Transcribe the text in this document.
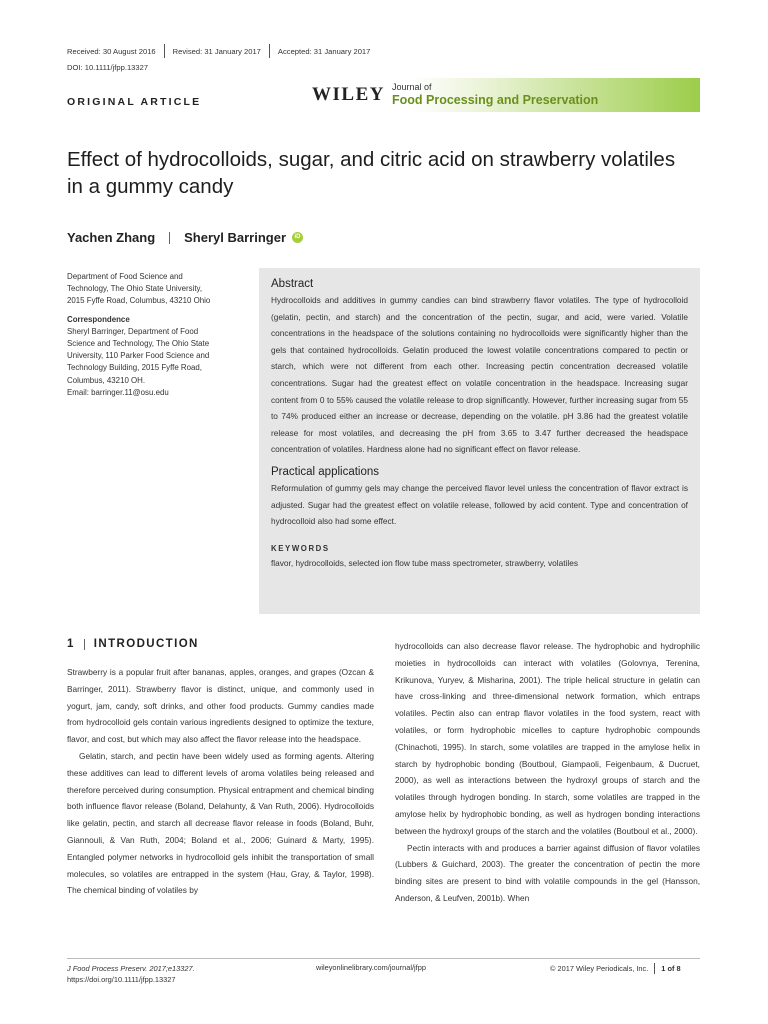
Received: 30 August 2016 Revised: 31 January 2017 Accepted: 31 January 2017
DOI: 10.1111/jfpp.13327
ORIGINAL ARTICLE	WILEY Journal of
Food Processing and Preservation
Effect of hydrocolloids, sugar, and citric acid on strawberry volatiles in a gummy candy
Yachen Zhang Sheryl Barringer	iD
Department of Food Science and
Technology, The Ohio State University,
2015 Fyffe Road, Columbus, 43210 Ohio
Correspondence
Sheryl Barringer, Department of Food
Science and Technology, The Ohio State
University, 110 Parker Food Science and
Technology Building, 2015 Fyffe Road,
Columbus, 43210 OH.
Email: barringer.11@osu.edu
Abstract

Hydrocolloids and additives in gummy candies can bind strawberry flavor volatiles. The type of hydrocolloid (gelatin, pectin, and starch) and the concentration of the pectin, sugar, and acid, were varied. Volatile concentrations in the headspace of the solutions containing no hydrocolloids were significantly higher than the gels that contained hydrocolloids. Gelatin produced the lowest volatile concentrations compared to pectin or starch, which were not different from each other. Increasing pectin concentration decreased volatile concentrations. Sugar had the greatest effect on volatile concentration in the headspace. Increasing sugar content from 0 to 55% caused the volatile release to drop significantly. However, further increasing sugar from 55 to 74% produced either an increase or decrease, depending on the volatile. pH 3.86 had the greatest volatile release for most volatiles, and decreasing the pH from 3.65 to 3.47 further decreased the headspace concentration of volatiles. Hardness alone had no significant effect on flavor release.

Practical applications

Reformulation of gummy gels may change the perceived flavor level unless the concentration of flavor extract is adjusted. Sugar had the greatest effect on volatile release, followed by acid content. Type and concentration of hydrocolloid also had some effect.

KEYWORDS
flavor, hydrocolloids, selected ion flow tube mass spectrometer, strawberry, volatiles
1 INTRODUCTION

Strawberry is a popular fruit after bananas, apples, oranges, and grapes (Ozcan & Barringer, 2011). Strawberry flavor is distinct, unique, and commonly used in yogurt, jam, candy, soft drinks, and other food products. Gummy candies made from hydrocolloid gels contain various ingredients designed to optimize the texture, flavor, and cost, but which may also affect the flavor release into the headspace.

Gelatin, starch, and pectin have been widely used as forming agents. Altering these additives can lead to different levels of aroma volatiles being released and therefore perceived during consumption. Physical entrapment and chemical binding both influence flavor release (Boland, Delahunty, & Van Ruth, 2006). Hydrocolloids like gelatin, pectin, and starch all decrease flavor release in foods (Boland, Buhr, Giannouli, & Van Ruth, 2004; Boland et al., 2006; Guinard & Marty, 1995). Entangled polymer networks in hydrocolloid gels inhibit the transportation of small molecules, so volatiles are entrapped in the system (Hau, Gray, & Taylor, 1998). The chemical binding of volatiles by

hydrocolloids can also decrease flavor release. The hydrophobic and hydrophilic moieties in hydrocolloids can interact with volatiles (Golovnya, Terenina, Krikunova, Yuryev, & Misharina, 2001). The triple helical structure in gelatin can have cross-linking and three-dimensional network formation, which entraps volatiles. Pectin also can entrap flavor volatiles in the food system, react with volatiles, or form hydrophobic micelles to capture hydrophobic compounds (Chinachoti, 1995). In starch, some volatiles are trapped in the amylose helix in starch by hydrophobic bonding (Boutboul, Giampaoli, Feigenbaum, & Ducruet, 2000), as well as interactions between the hydroxyl groups of starch and the volatiles through hydrogen bonding. In starch, some volatiles are trapped in the amylose helix by hydrophobic bonding, as well as hydrogen bonding interactions between the hydroxyl groups of the starch and the volatiles (Boutboul et al., 2000).

Pectin interacts with and produces a barrier against diffusion of flavor volatiles (Lubbers & Guichard, 2003). The greater the concentration of pectin the more binding sites are present to bind with volatile compounds in the gel (Hansson, Anderson, & Leufven, 2001b). When

J Food Process Preserv. 2017;e13327.
https://doi.org/10.1111/jfpp.13327
wileyonlinelibrary.com/journal/jfpp	© 2017 Wiley Periodicals, Inc. 1 of 8
